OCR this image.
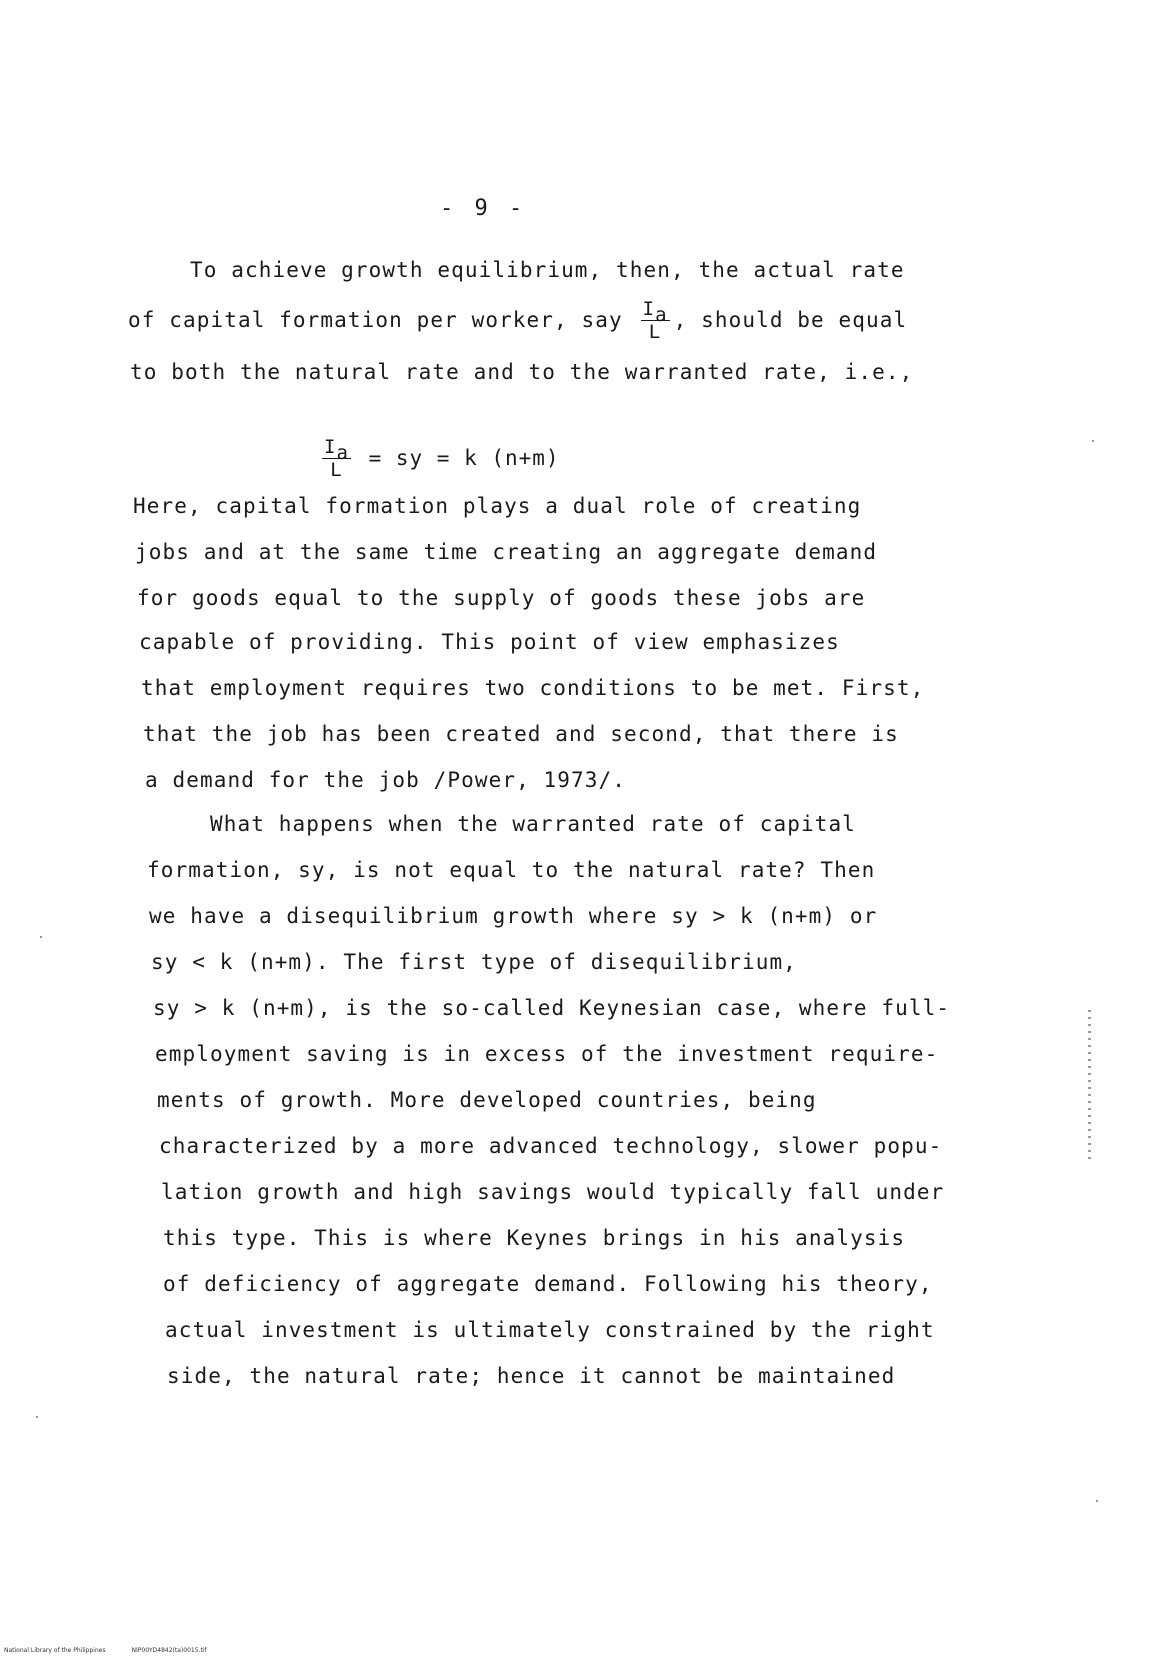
- 9 -
To achieve growth equilibrium, then, the actual rate
of capital formation per worker, say $\frac{Ia}{L}$ , should be equal
to both the natural rate and to the warranted rate, i.e.,
$\frac{Ia}{L}$ = sy = k (n+m)
Here, capital formation plays a dual role of creating
jobs and at the same time creating an aggregate demand
for goods equal to the supply of goods these jobs are
capable of providing. This point of view emphasizes
that employment requires two conditions to be met. First,
that the job has been created and second, that there is
a demand for the job /Power, 1973/.
What happens when the warranted rate of capital
formation, sy, is not equal to the natural rate? Then
we have a disequilibrium growth where sy > k (n+m) or
sy < k (n+m). The first type of disequilibrium,
sy > k (n+m), is the so-called Keynesian case, where full-
employment saving is in excess of the investment require-
ments of growth. More developed countries, being
characterized by a more advanced technology, slower popu-
lation growth and high savings would typically fall under
this type. This is where Keynes brings in his analysis
of deficiency of aggregate demand. Following his theory,
actual investment is ultimately constrained by the right
side, the natural rate; hence it cannot be maintained
National Library of the Philippines	NIP00YD4842(ta)0015.tif
